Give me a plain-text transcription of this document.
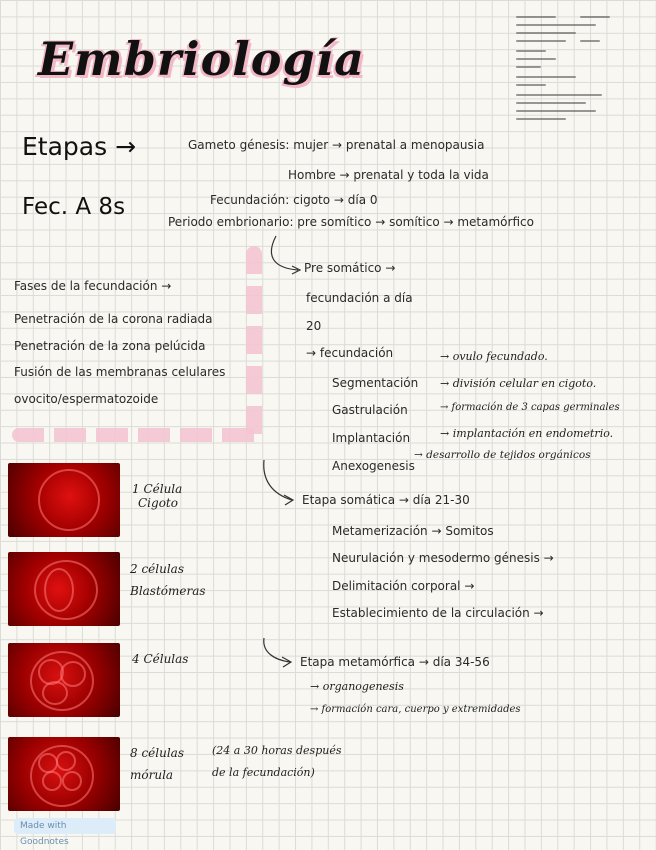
Embriología
Etapas →
Fec. A 8s
Gameto génesis: mujer → prenatal a menopausia
Hombre → prenatal y toda la vida
Fecundación: cigoto → día 0
Periodo embrionario: pre somítico → somítico → metamórfico
Fases de la fecundación →
Penetración de la corona radiada
Penetración de la zona pelúcida
Fusión de las membranas celulares
ovocito/espermatozoide
Pre somático →
fecundación a día
20
→ fecundación	→ ovulo fecundado.
Segmentación → división celular en cigoto.
Gastrulación	→ formación de 3 capas germinales
Implantación	→ implantación en endometrio.
Anexogenesis
→ desarrollo de tejidos orgánicos
Etapa somática → día 21-30
Metamerización → Somitos
Neurulación y mesodermo génesis →
Delimitación corporal →
Establecimiento de la circulación →
Etapa metamórfica → día 34-56
→ organogenesis
→ formación cara, cuerpo y extremidades
1 Célula
Cigoto
2 células
Blastómeras
4 Células
8 células
mórula
(24 a 30 horas después
de la fecundación)
Made with Goodnotes
